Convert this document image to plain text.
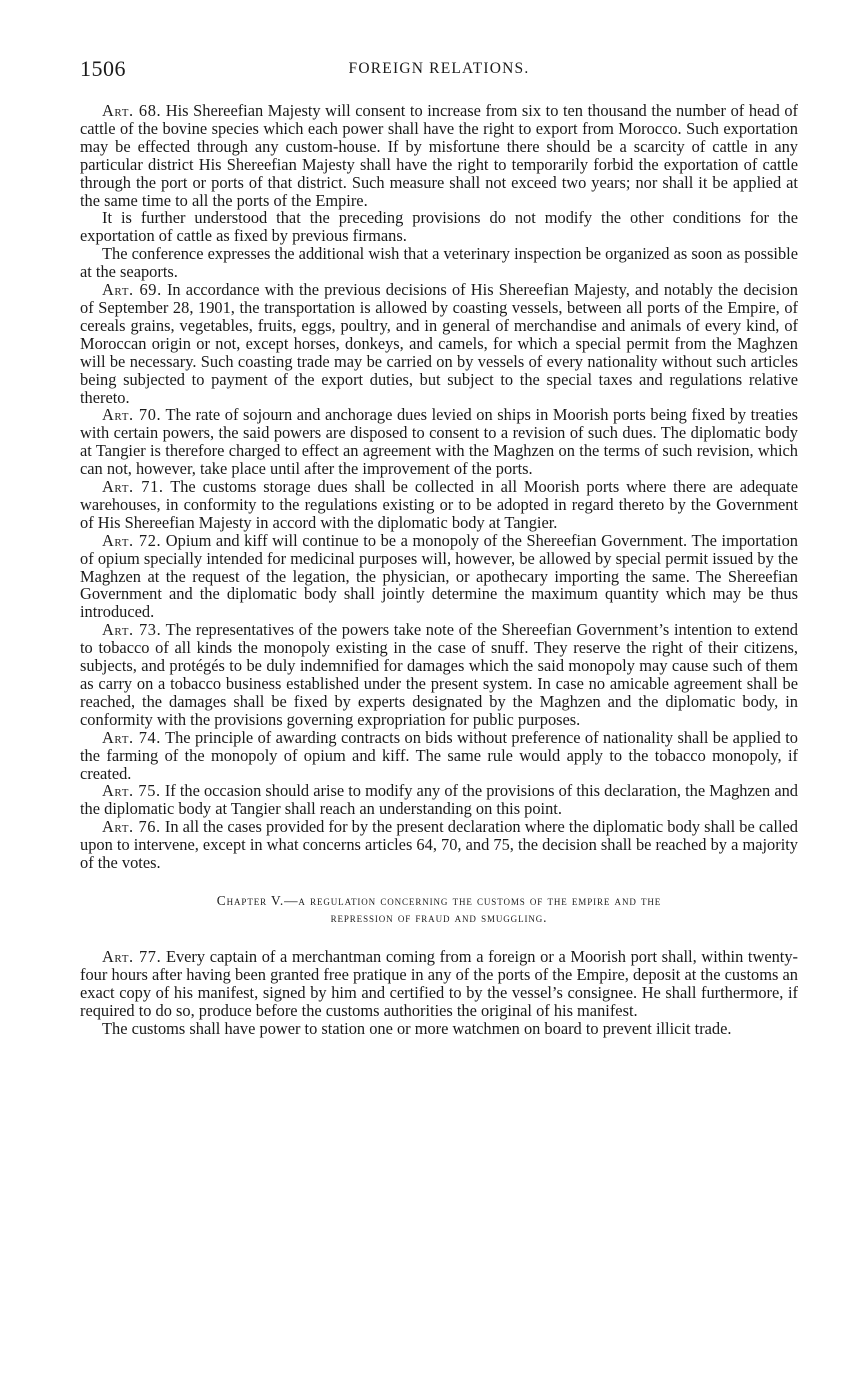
1506	FOREIGN RELATIONS.

Art. 68. His Shereefian Majesty will consent to increase from six to ten thousand the number of head of cattle of the bovine species which each power shall have the right to export from Morocco. Such exportation may be effected through any custom-house. If by misfortune there should be a scarcity of cattle in any particular district His Shereefian Majesty shall have the right to temporarily forbid the exportation of cattle through the port or ports of that district. Such measure shall not exceed two years; nor shall it be applied at the same time to all the ports of the Empire.

It is further understood that the preceding provisions do not modify the other conditions for the exportation of cattle as fixed by previous firmans.

The conference expresses the additional wish that a veterinary inspection be organized as soon as possible at the seaports.

Art. 69. In accordance with the previous decisions of His Shereefian Majesty, and notably the decision of September 28, 1901, the transportation is allowed by coasting vessels, between all ports of the Empire, of cereals grains, vegetables, fruits, eggs, poultry, and in general of merchandise and animals of every kind, of Moroccan origin or not, except horses, donkeys, and camels, for which a special permit from the Maghzen will be necessary. Such coasting trade may be carried on by vessels of every nationality without such articles being subjected to payment of the export duties, but subject to the special taxes and regulations relative thereto.

Art. 70. The rate of sojourn and anchorage dues levied on ships in Moorish ports being fixed by treaties with certain powers, the said powers are disposed to consent to a revision of such dues. The diplomatic body at Tangier is therefore charged to effect an agreement with the Maghzen on the terms of such revision, which can not, however, take place until after the improvement of the ports.

Art. 71. The customs storage dues shall be collected in all Moorish ports where there are adequate warehouses, in conformity to the regulations existing or to be adopted in regard thereto by the Government of His Shereefian Majesty in accord with the diplomatic body at Tangier.

Art. 72. Opium and kiff will continue to be a monopoly of the Shereefian Government. The importation of opium specially intended for medicinal purposes will, however, be allowed by special permit issued by the Maghzen at the request of the legation, the physician, or apothecary importing the same. The Shereefian Government and the diplomatic body shall jointly determine the maximum quantity which may be thus introduced.

Art. 73. The representatives of the powers take note of the Shereefian Government’s intention to extend to tobacco of all kinds the monopoly existing in the case of snuff. They reserve the right of their citizens, subjects, and protégés to be duly indemnified for damages which the said monopoly may cause such of them as carry on a tobacco business established under the present system. In case no amicable agreement shall be reached, the damages shall be fixed by experts designated by the Maghzen and the diplomatic body, in conformity with the provisions governing expropriation for public purposes.

Art. 74. The principle of awarding contracts on bids without preference of nationality shall be applied to the farming of the monopoly of opium and kiff. The same rule would apply to the tobacco monopoly, if created.

Art. 75. If the occasion should arise to modify any of the provisions of this declaration, the Maghzen and the diplomatic body at Tangier shall reach an understanding on this point.

Art. 76. In all the cases provided for by the present declaration where the diplomatic body shall be called upon to intervene, except in what concerns articles 64, 70, and 75, the decision shall be reached by a majority of the votes.

Chapter V.—a regulation concerning the customs of the empire and the
repression of fraud and smuggling.

Art. 77. Every captain of a merchantman coming from a foreign or a Moorish port shall, within twenty-four hours after having been granted free pratique in any of the ports of the Empire, deposit at the customs an exact copy of his manifest, signed by him and certified to by the vessel’s consignee. He shall furthermore, if required to do so, produce before the customs authorities the original of his manifest.

The customs shall have power to station one or more watchmen on board to prevent illicit trade.
